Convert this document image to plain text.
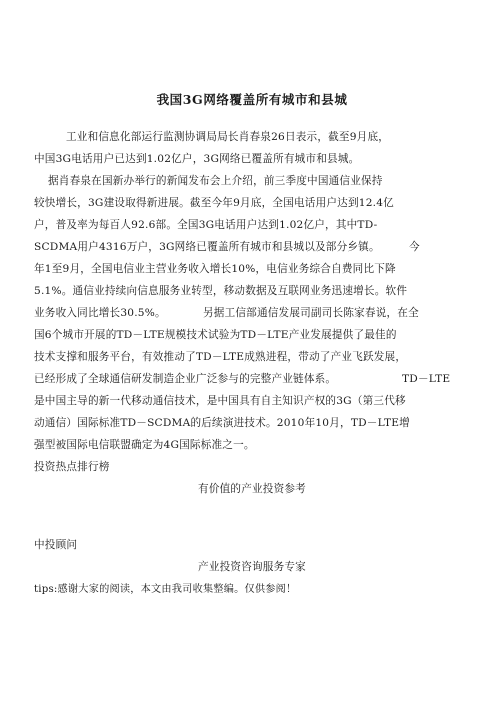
我国3G网络覆盖所有城市和县城
工业和信息化部运行监测协调局局长肖春泉26日表示，截至9月底，
中国3G电话用户已达到1.02亿户，3G网络已覆盖所有城市和县城。
据肖春泉在国新办举行的新闻发布会上介绍，前三季度中国通信业保持
较快增长，3G建设取得新进展。截至今年9月底，全国电话用户达到12.4亿
户，普及率为每百人92.6部。全国3G电话用户达到1.02亿户，其中TD-
SCDMA用户4316万户，3G网络已覆盖所有城市和县城以及部分乡镇。	今
年1至9月，全国电信业主营业务收入增长10%，电信业务综合自费同比下降
5.1%。通信业持续向信息服务业转型，移动数据及互联网业务迅速增长。软件
业务收入同比增长30.5%。	另据工信部通信发展司副司长陈家春说，在全
国6个城市开展的TD－LTE规模技术试验为TD－LTE产业发展提供了最佳的
技术支撑和服务平台，有效推动了TD－LTE成熟进程，带动了产业飞跃发展，
已经形成了全球通信研发制造企业广泛参与的完整产业链体系。	TD－LTE
是中国主导的新一代移动通信技术，是中国具有自主知识产权的3G（第三代移
动通信）国际标准TD－SCDMA的后续演进技术。2010年10月，TD－LTE增
强型被国际电信联盟确定为4G国际标准之一。
投资热点排行榜
有价值的产业投资参考
中投顾问
产业投资咨询服务专家
tips:感谢大家的阅读，本文由我司收集整编。仅供参阅！
